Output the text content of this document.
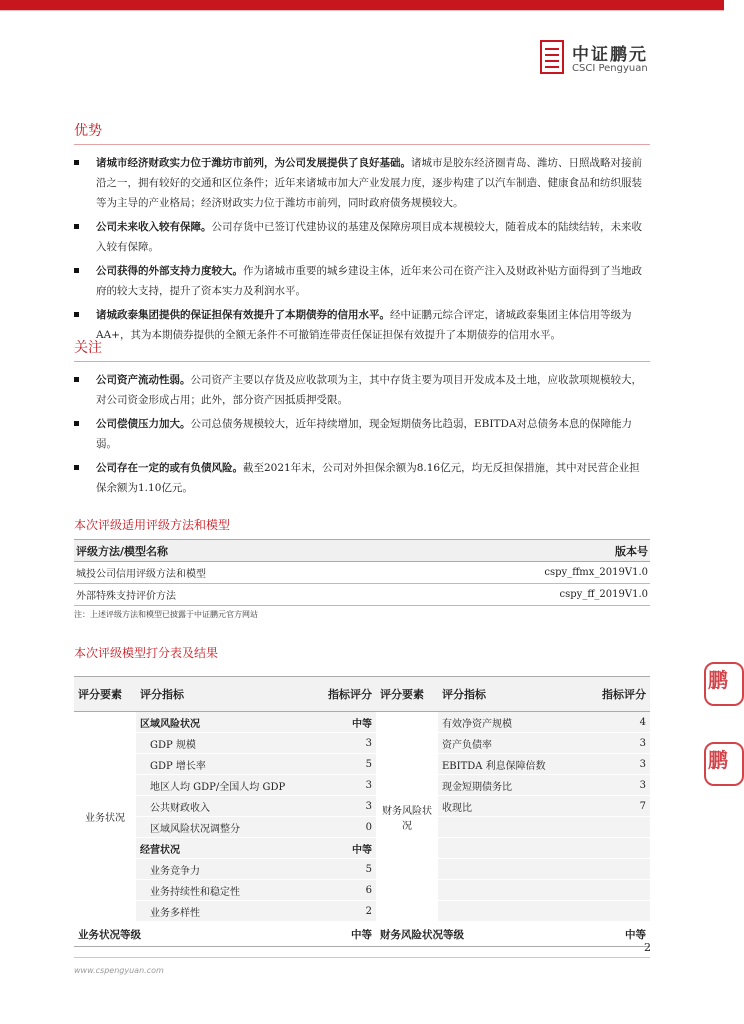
中证鹏元
CSCI Pengyuan
优势
诸城市经济财政实力位于潍坊市前列，为公司发展提供了良好基础。诸城市是胶东经济圈青岛、潍坊、日照战略对接前沿之一，拥有较好的交通和区位条件；近年来诸城市加大产业发展力度，逐步构建了以汽车制造、健康食品和纺织服装等为主导的产业格局；经济财政实力位于潍坊市前列，同时政府债务规模较大。
公司未来收入较有保障。公司存货中已签订代建协议的基建及保障房项目成本规模较大，随着成本的陆续结转，未来收入较有保障。
公司获得的外部支持力度较大。作为诸城市重要的城乡建设主体，近年来公司在资产注入及财政补贴方面得到了当地政府的较大支持，提升了资本实力及利润水平。
诸城政泰集团提供的保证担保有效提升了本期债券的信用水平。经中证鹏元综合评定，诸城政泰集团主体信用等级为AA+，其为本期债券提供的全额无条件不可撤销连带责任保证担保有效提升了本期债券的信用水平。
关注
公司资产流动性弱。公司资产主要以存货及应收款项为主，其中存货主要为项目开发成本及土地，应收款项规模较大，对公司资金形成占用；此外，部分资产因抵质押受限。
公司偿债压力加大。公司总债务规模较大，近年持续增加，现金短期债务比趋弱，EBITDA对总债务本息的保障能力弱。
公司存在一定的或有负债风险。截至2021年末，公司对外担保余额为8.16亿元，均无反担保措施，其中对民营企业担保余额为1.10亿元。
本次评级适用评级方法和模型
评级方法/模型名称	版本号
城投公司信用评级方法和模型	cspy_ffmx_2019V1.0
外部特殊支持评价方法	cspy_ff_2019V1.0
注：上述评级方法和模型已披露于中证鹏元官方网站
本次评级模型打分表及结果
评分要素	评分指标	指标评分	评分要素	评分指标	指标评分
业务状况	区域风险状况	中等	财务风险状况	有效净资产规模	4
	GDP 规模	3		资产负债率	3
	GDP 增长率	5		EBITDA 利息保障倍数	3
	地区人均 GDP/全国人均 GDP	3		现金短期债务比	3
	公共财政收入	3		收现比	7
	区域风险状况调整分	0			
	经营状况	中等			
	业务竞争力	5			
	业务持续性和稳定性	6			
	业务多样性	2			
业务状况等级		中等	财务风险状况等级		中等
鹏
鹏
2
www.cspengyuan.com
